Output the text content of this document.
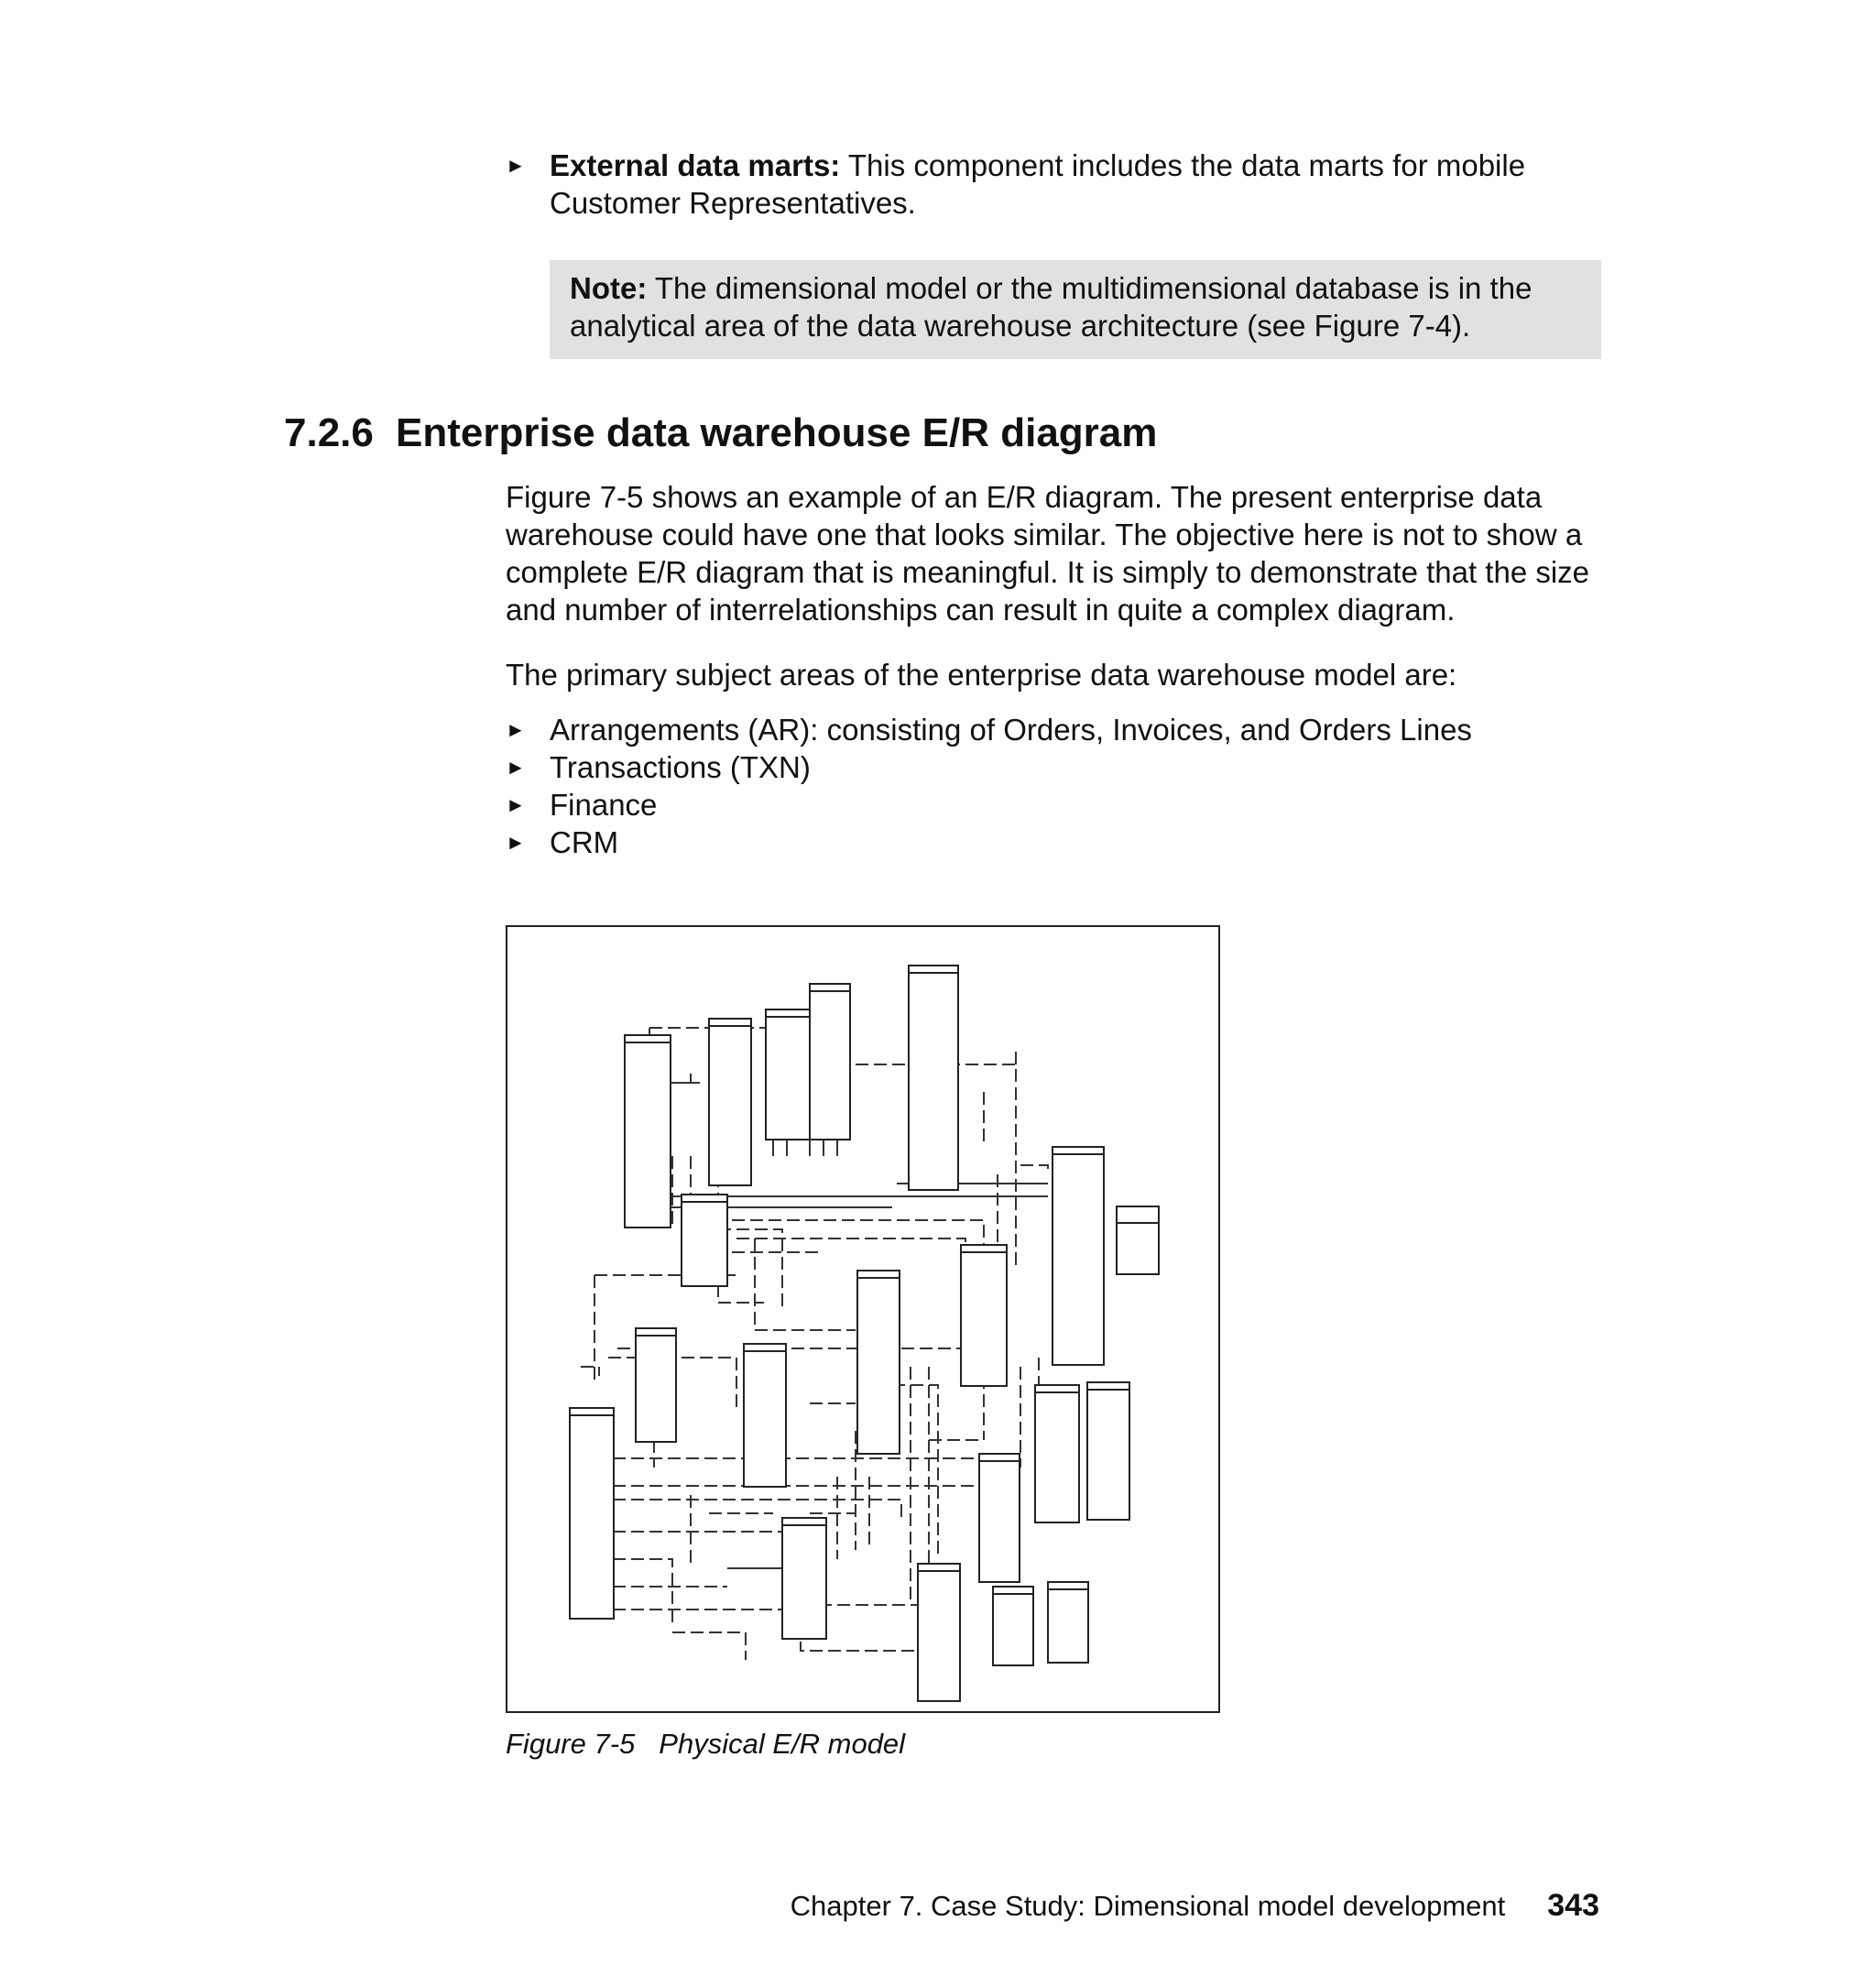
► External data marts: This component includes the data marts for mobile Customer Representatives.
Note: The dimensional model or the multidimensional database is in the analytical area of the data warehouse architecture (see Figure 7-4).
7.2.6 Enterprise data warehouse E/R diagram
Figure 7-5 shows an example of an E/R diagram. The present enterprise data warehouse could have one that looks similar. The objective here is not to show a complete E/R diagram that is meaningful. It is simply to demonstrate that the size and number of interrelationships can result in quite a complex diagram.
The primary subject areas of the enterprise data warehouse model are:
► Arrangements (AR): consisting of Orders, Invoices, and Orders Lines
► Transactions (TXN)
► Finance
► CRM
Figure 7-5 Physical E/R model
Chapter 7. Case Study: Dimensional model development 343
